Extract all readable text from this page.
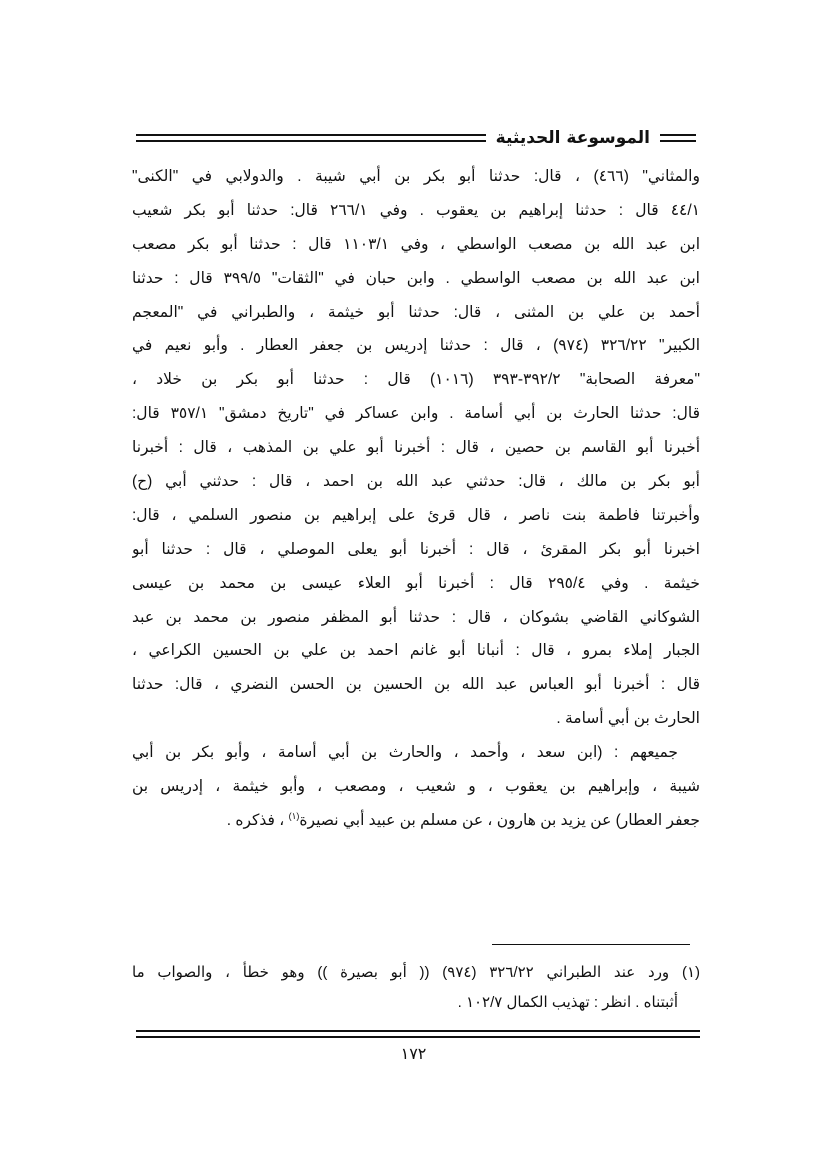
الموسوعة الحديثية
والمثاني" (٤٦٦) ، قال: حدثنا أبو بكر بن أبي شيبة . والدولابي في "الكنى"
٤٤/١ قال : حدثنا إبراهيم بن يعقوب . وفي ٢٦٦/١ قال: حدثنا أبو بكر شعيب
ابن عبد الله بن مصعب الواسطي ، وفي ١١٠٣/١ قال : حدثنا أبو بكر مصعب
ابن عبد الله بن مصعب الواسطي . وابن حبان في "الثقات" ٣٩٩/٥ قال : حدثنا
أحمد بن علي بن المثنى ، قال: حدثنا أبو خيثمة ، والطبراني في "المعجم
الكبير" ٣٢٦/٢٢ (٩٧٤) ، قال : حدثنا إدريس بن جعفر العطار . وأبو نعيم في
"معرفة الصحابة" ٣٩٢/٢-٣٩٣ (١٠١٦) قال : حدثنا أبو بكر بن خلاد ،
قال: حدثنا الحارث بن أبي أسامة . وابن عساكر في "تاريخ دمشق" ٣٥٧/١ قال:
أخبرنا أبو القاسم بن حصين ، قال : أخبرنا أبو علي بن المذهب ، قال : أخبرنا
أبو بكر بن مالك ، قال: حدثني عبد الله بن احمد ، قال : حدثني أبي (ح)
وأخبرتنا فاطمة بنت ناصر ، قال قرئ على إبراهيم بن منصور السلمي ، قال:
اخبرنا أبو بكر المقرئ ، قال : أخبرنا أبو يعلى الموصلي ، قال : حدثنا أبو
خيثمة . وفي ٢٩٥/٤ قال : أخبرنا أبو العلاء عيسى بن محمد بن عيسى
الشوكاني القاضي بشوكان ، قال : حدثنا أبو المظفر منصور بن محمد بن عبد
الجبار إملاء بمرو ، قال : أنبانا أبو غانم احمد بن علي بن الحسين الكراعي ،
قال : أخبرنا أبو العباس عبد الله بن الحسين بن الحسن النضري ، قال: حدثنا
الحارث بن أبي أسامة .
جميعهم : (ابن سعد ، وأحمد ، والحارث بن أبي أسامة ، وأبو بكر بن أبي
شيبة ، وإبراهيم بن يعقوب ، و شعيب ، ومصعب ، وأبو خيثمة ، إدريس بن
جعفر العطار) عن يزيد بن هارون ، عن مسلم بن عبيد أبي نصيرة$^{(١)}$ ، فذكره .
(١) ورد عند الطبراني ٣٢٦/٢٢ (٩٧٤) (( أبو بصيرة )) وهو خطأ ، والصواب ما
أثبتناه . انظر : تهذيب الكمال ١٠٢/٧ .
١٧٢
